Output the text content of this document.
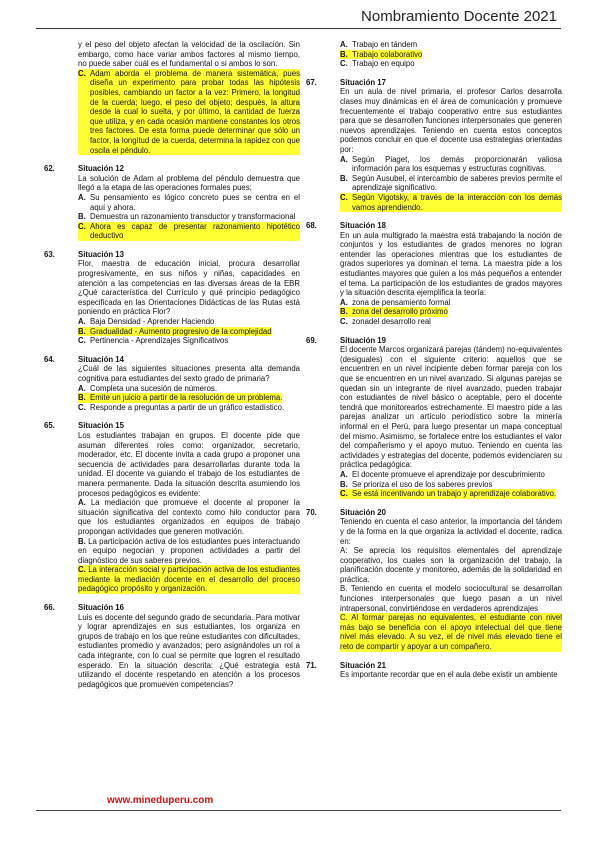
Nombramiento Docente 2021

y el peso del objeto afectan la velocidad de la oscilación. Sin embargo, como hace variar ambos factores al mismo tiempo, no puede saber cuál es el fundamental o si ambos lo son.

C. Adam aborda el problema de manera sistemática, pues diseña un experimento para probar todas las hipótesis posibles, cambiando un factor a la vez: Primero, la longitud de la cuerda; luego, el peso del objeto; después, la altura desde la cual lo suelta, y por último, la cantidad de fuerza que utiliza, y en cada ocasión mantiene constantes los otros tres factores. De esta forma puede determinar que sólo un factor, la longitud de la cuerda, determina la rapidez con que oscila el péndulo.
62.	Situación 12

La solución de Adam al problema del péndulo demuestra que llegó a la etapa de las operaciones formales pues;

A. Su pensamiento es lógico concreto pues se centra en el aquí y ahora.
B. Demuestra un razonamiento transductor y transformacional
C. Ahora es capaz de presentar razonamiento hipotético deductivo
63.	Situación 13

Flor, maestra de educación inicial, procura desarrollar progresivamente, en sus niños y niñas, capacidades en atención a las competencias en las diversas áreas de la EBR ¿Qué característica del Currículo y qué principio pedagógico especificada en las Orientaciones Didácticas de las Rutas está poniendo en práctica Flor?

A. Baja Densidad - Aprender Haciendo
B. Gradualidad - Aumento progresivo de la complejidad
C. Pertinencia - Aprendizajes Significativos
64.	Situación 14

¿Cuál de las siguientes situaciones presenta alta demanda cognitiva para estudiantes del sexto grado de primaria?

A. Completa una sucesión de números.
B. Emite un juicio a partir de la resolución de un problema.
C. Responde a preguntas a partir de un gráfico estadístico.
65.	Situación 15

Los estudiantes trabajan en grupos. El docente pide que asuman diferentes roles como: organizador, secretario, moderador, etc. El docente invita a cada grupo a proponer una secuencia de actividades para desarrollarlas durante toda la unidad. El docente va guiando el trabajo de los estudiantes de manera permanente. Dada la situación descrita asumiendo los procesos pedagógicos es evidente:

A. La mediación que promueve el docente al proponer la situación significativa del contexto como hilo conductor para que los estudiantes organizados en equipos de trabajo propongan actividades que generen motivación.
B. La participación activa de los estudiantes pues interactuando en equipo negocian y proponen actividades a partir del diagnóstico de sus saberes previos.
C. La interacción social y participación activa de los estudiantes mediante la mediación docente en el desarrollo del proceso pedagógico propósito y organización.
66.	Situación 16

Luis es docente del segundo grado de secundaria. Para motivar y lograr aprendizajes en sus estudiantes, los organiza en grupos de trabajo en los que reúne estudiantes con dificultades, estudiantes promedio y avanzados; pero asignándoles un rol a cada integrante, con lo cual se permite que logren el resultado esperado. En la situación descrita: ¿Qué estrategia está utilizando el docente respetando en atención a los procesos pedagógicos que promueven competencias?

A. Trabajo en tándem
B. Trabajo colaborativo
C. Trabajo en equipo
67.	Situación 17

En un aula de nivel primaria, el profesor Carlos desarrolla clases muy dinámicas en el área de comunicación y promueve frecuentemente el trabajo cooperativo entre sus estudiantes para que se desarrollen funciones interpersonales que generen nuevos aprendizajes. Teniendo en cuenta estos conceptos podemos concluir en que el docente usa estrategias orientadas por:

A. Según Piaget, los demás proporcionarán valiosa información para los esquemas y estructuras cognitivas.
B. Según Ausubel, el intercambio de saberes previos permite el aprendizaje significativo.
C. Según Vigotsky, a través de la interacción con los demás vamos aprendiendo.
68.	Situación 18

En un aula multigrado la maestra está trabajando la noción de conjuntos y los estudiantes de grados menores no logran entender las operaciones mientras que los estudiantes de grados superiores ya dominan el tema. La maestra pide a los estudiantes mayores que guíen a los más pequeños a entender el tema. La participación de los estudiantes de grados mayores y la situación descrita ejemplifica la teoría:

A. zona de pensamiento formal
B. zona del desarrollo próximo
C. zonadel desarrollo real
69.	Situación 19

El docente Marcos organizará parejas (tándem) no-equivalentes (desiguales) con el siguiente criterio: aquellos que se encuentren en un nivel incipiente deben formar pareja con los que se encuentren en un nivel avanzado. Si algunas parejas se quedan sin un integrante de nivel avanzado, pueden trabajar con estudiantes de nivel básico o aceptable, pero el docente tendrá que monitorearlos estrechamente. El maestro pide a las parejas analizar un artículo periodístico sobre la minería informal en el Perú, para luego presentar un mapa conceptual del mismo. Asimismo, se fortalece entre los estudiantes el valor del compañerismo y el apoyo mutuo. Teniendo en cuenta las actividades y estrategias del docente, podemos evidenciaren su práctica pedagógica:

A. El docente promueve el aprendizaje por descubrimiento
B. Se prioriza el uso de los saberes previos
C. Se está incentivando un trabajo y aprendizaje colaborativo.
70.	Situación 20

Teniendo en cuenta el caso anterior, la importancia del tándem y de la forma en la que organiza la actividad el docente, radica en:

A: Se aprecia los requisitos elementales del aprendizaje cooperativo, los cuales son la organización del trabajo, la planificación docente y monitoreo, además de la solidaridad en práctica.
B. Teniendo en cuenta el modelo sociocultural se desarrollan funciones interpersonales que luego pasan a un nivel intrapersonal, convirtiéndose en verdaderos aprendizajes
C. Al formar parejas no equivalentes, el estudiante con nivel más bajo se beneficia con el apoyo intelectual del que tiene nivel más elevado. A su vez, el de nivel más elevado tiene el reto de compartir y apoyar a un compañero.
71.	Situación 21

Es importante recordar que en el aula debe existir un ambiente

www.mineduperu.com
